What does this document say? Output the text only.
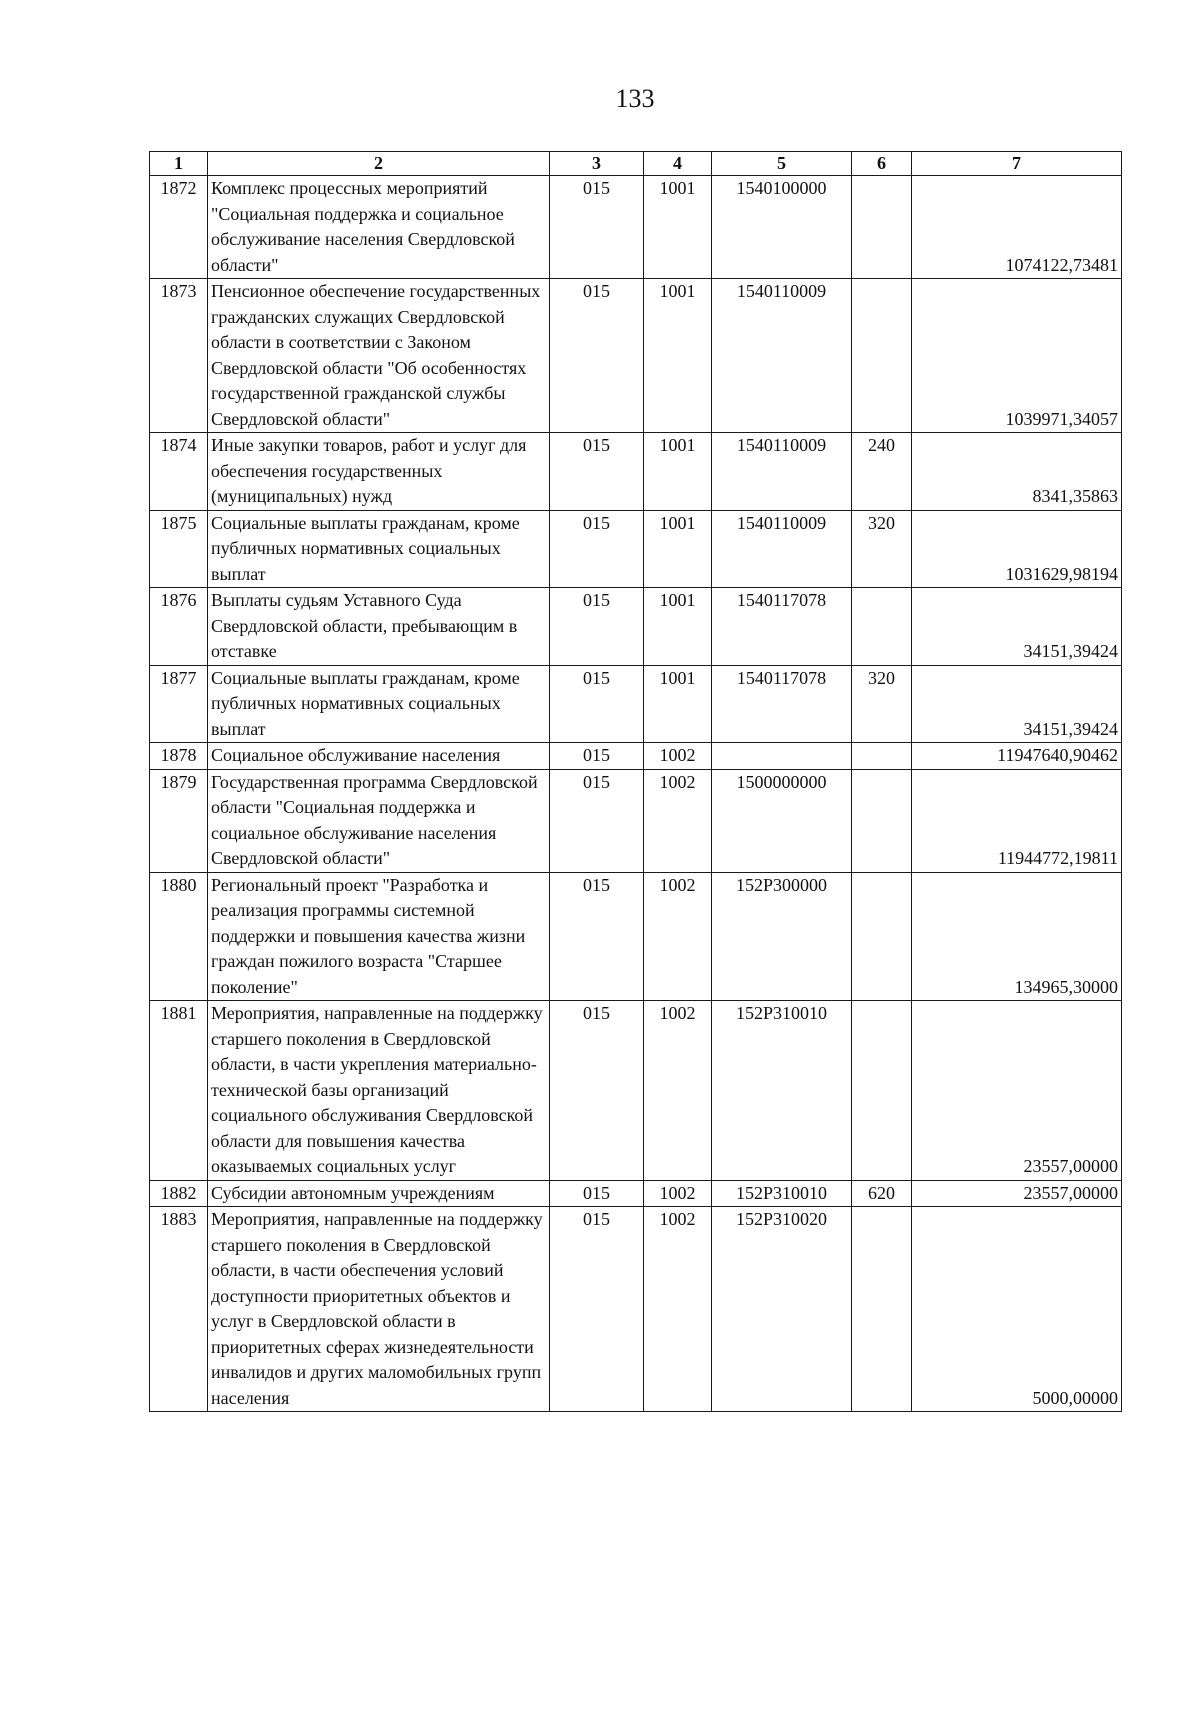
133
1	2	3	4	5	6	7
1872	Комплекс процессных мероприятий "Социальная поддержка и социальное обслуживание населения Свердловской области"	015	1001	1540100000		1074122,73481
1873	Пенсионное обеспечение государственных гражданских служащих Свердловской области в соответствии с Законом Свердловской области "Об особенностях государственной гражданской службы Свердловской области"	015	1001	1540110009		1039971,34057
1874	Иные закупки товаров, работ и услуг для обеспечения государственных (муниципальных) нужд	015	1001	1540110009	240	8341,35863
1875	Социальные выплаты гражданам, кроме публичных нормативных социальных выплат	015	1001	1540110009	320	1031629,98194
1876	Выплаты судьям Уставного Суда Свердловской области, пребывающим в отставке	015	1001	1540117078		34151,39424
1877	Социальные выплаты гражданам, кроме публичных нормативных социальных выплат	015	1001	1540117078	320	34151,39424
1878	Социальное обслуживание населения	015	1002			11947640,90462
1879	Государственная программа Свердловской области "Социальная поддержка и социальное обслуживание населения Свердловской области"	015	1002	1500000000		11944772,19811
1880	Региональный проект "Разработка и реализация программы системной поддержки и повышения качества жизни граждан пожилого возраста "Старшее поколение"	015	1002	152P300000		134965,30000
1881	Мероприятия, направленные на поддержку старшего поколения в Свердловской области, в части укрепления материально-технической базы организаций социального обслуживания Свердловской области для повышения качества оказываемых социальных услуг	015	1002	152P310010		23557,00000
1882	Субсидии автономным учреждениям	015	1002	152P310010	620	23557,00000
1883	Мероприятия, направленные на поддержку старшего поколения в Свердловской области, в части обеспечения условий доступности приоритетных объектов и услуг в Свердловской области в приоритетных сферах жизнедеятельности инвалидов и других маломобильных групп населения	015	1002	152P310020		5000,00000
